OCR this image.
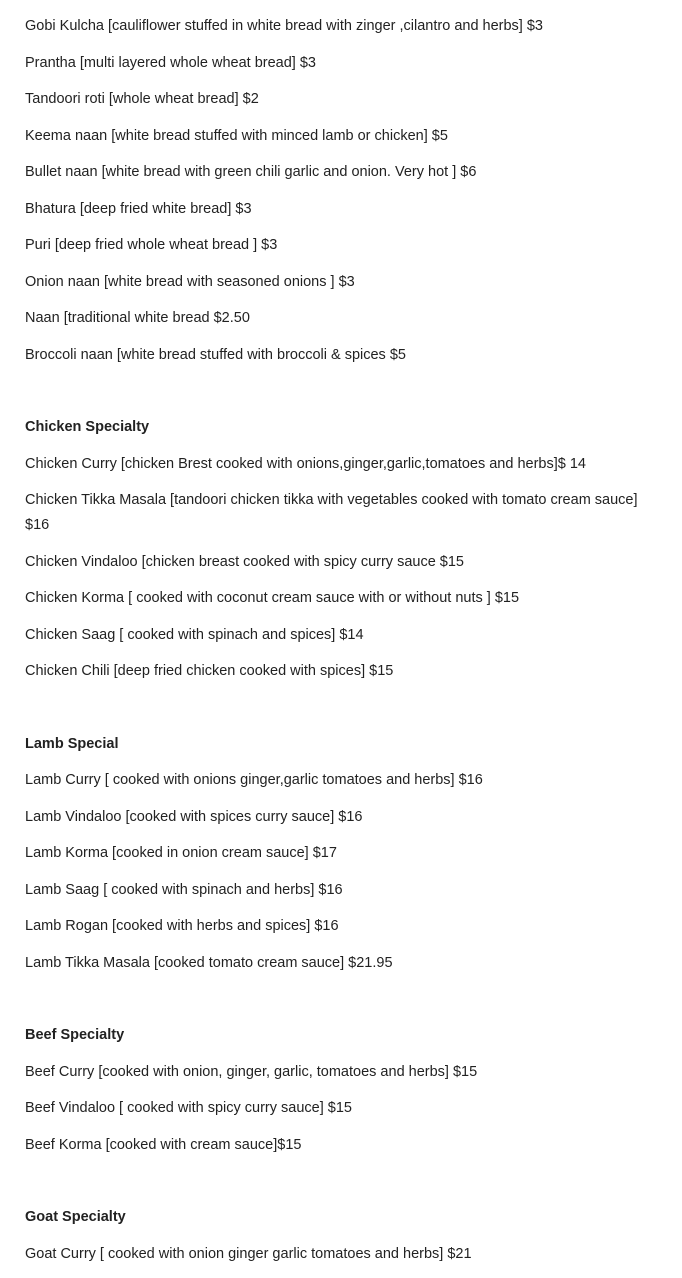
Gobi Kulcha [cauliflower stuffed in white bread with zinger ,cilantro and herbs] $3

Prantha [multi layered whole wheat bread] $3

Tandoori roti [whole wheat bread] $2

Keema naan [white bread stuffed with minced lamb or chicken] $5

Bullet naan [white bread with green chili garlic and onion. Very hot ] $6

Bhatura [deep fried white bread] $3

Puri [deep fried whole wheat bread ] $3

Onion naan [white bread with seasoned onions ] $3

Naan [traditional white bread $2.50

Broccoli naan [white bread stuffed with broccoli & spices $5

Chicken Specialty

Chicken Curry [chicken Brest cooked with onions,ginger,garlic,tomatoes and herbs]$ 14

Chicken Tikka Masala [tandoori chicken tikka with vegetables cooked with tomato cream sauce] $16

Chicken Vindaloo [chicken breast cooked with spicy curry sauce $15

Chicken Korma [ cooked with coconut cream sauce with or without nuts ] $15

Chicken Saag [ cooked with spinach and spices] $14

Chicken Chili [deep fried chicken cooked with spices] $15

Lamb Special

Lamb Curry [ cooked with onions ginger,garlic tomatoes and herbs] $16

Lamb Vindaloo [cooked with spices curry sauce] $16

Lamb Korma [cooked in onion cream sauce] $17

Lamb Saag [ cooked with spinach and herbs] $16

Lamb Rogan [cooked with herbs and spices] $16

Lamb Tikka Masala [cooked tomato cream sauce] $21.95

Beef Specialty

Beef Curry [cooked with onion, ginger, garlic, tomatoes and herbs] $15

Beef Vindaloo [ cooked with spicy curry sauce] $15

Beef Korma [cooked with cream sauce]$15

Goat Specialty

Goat Curry [ cooked with onion ginger garlic tomatoes and herbs] $21
